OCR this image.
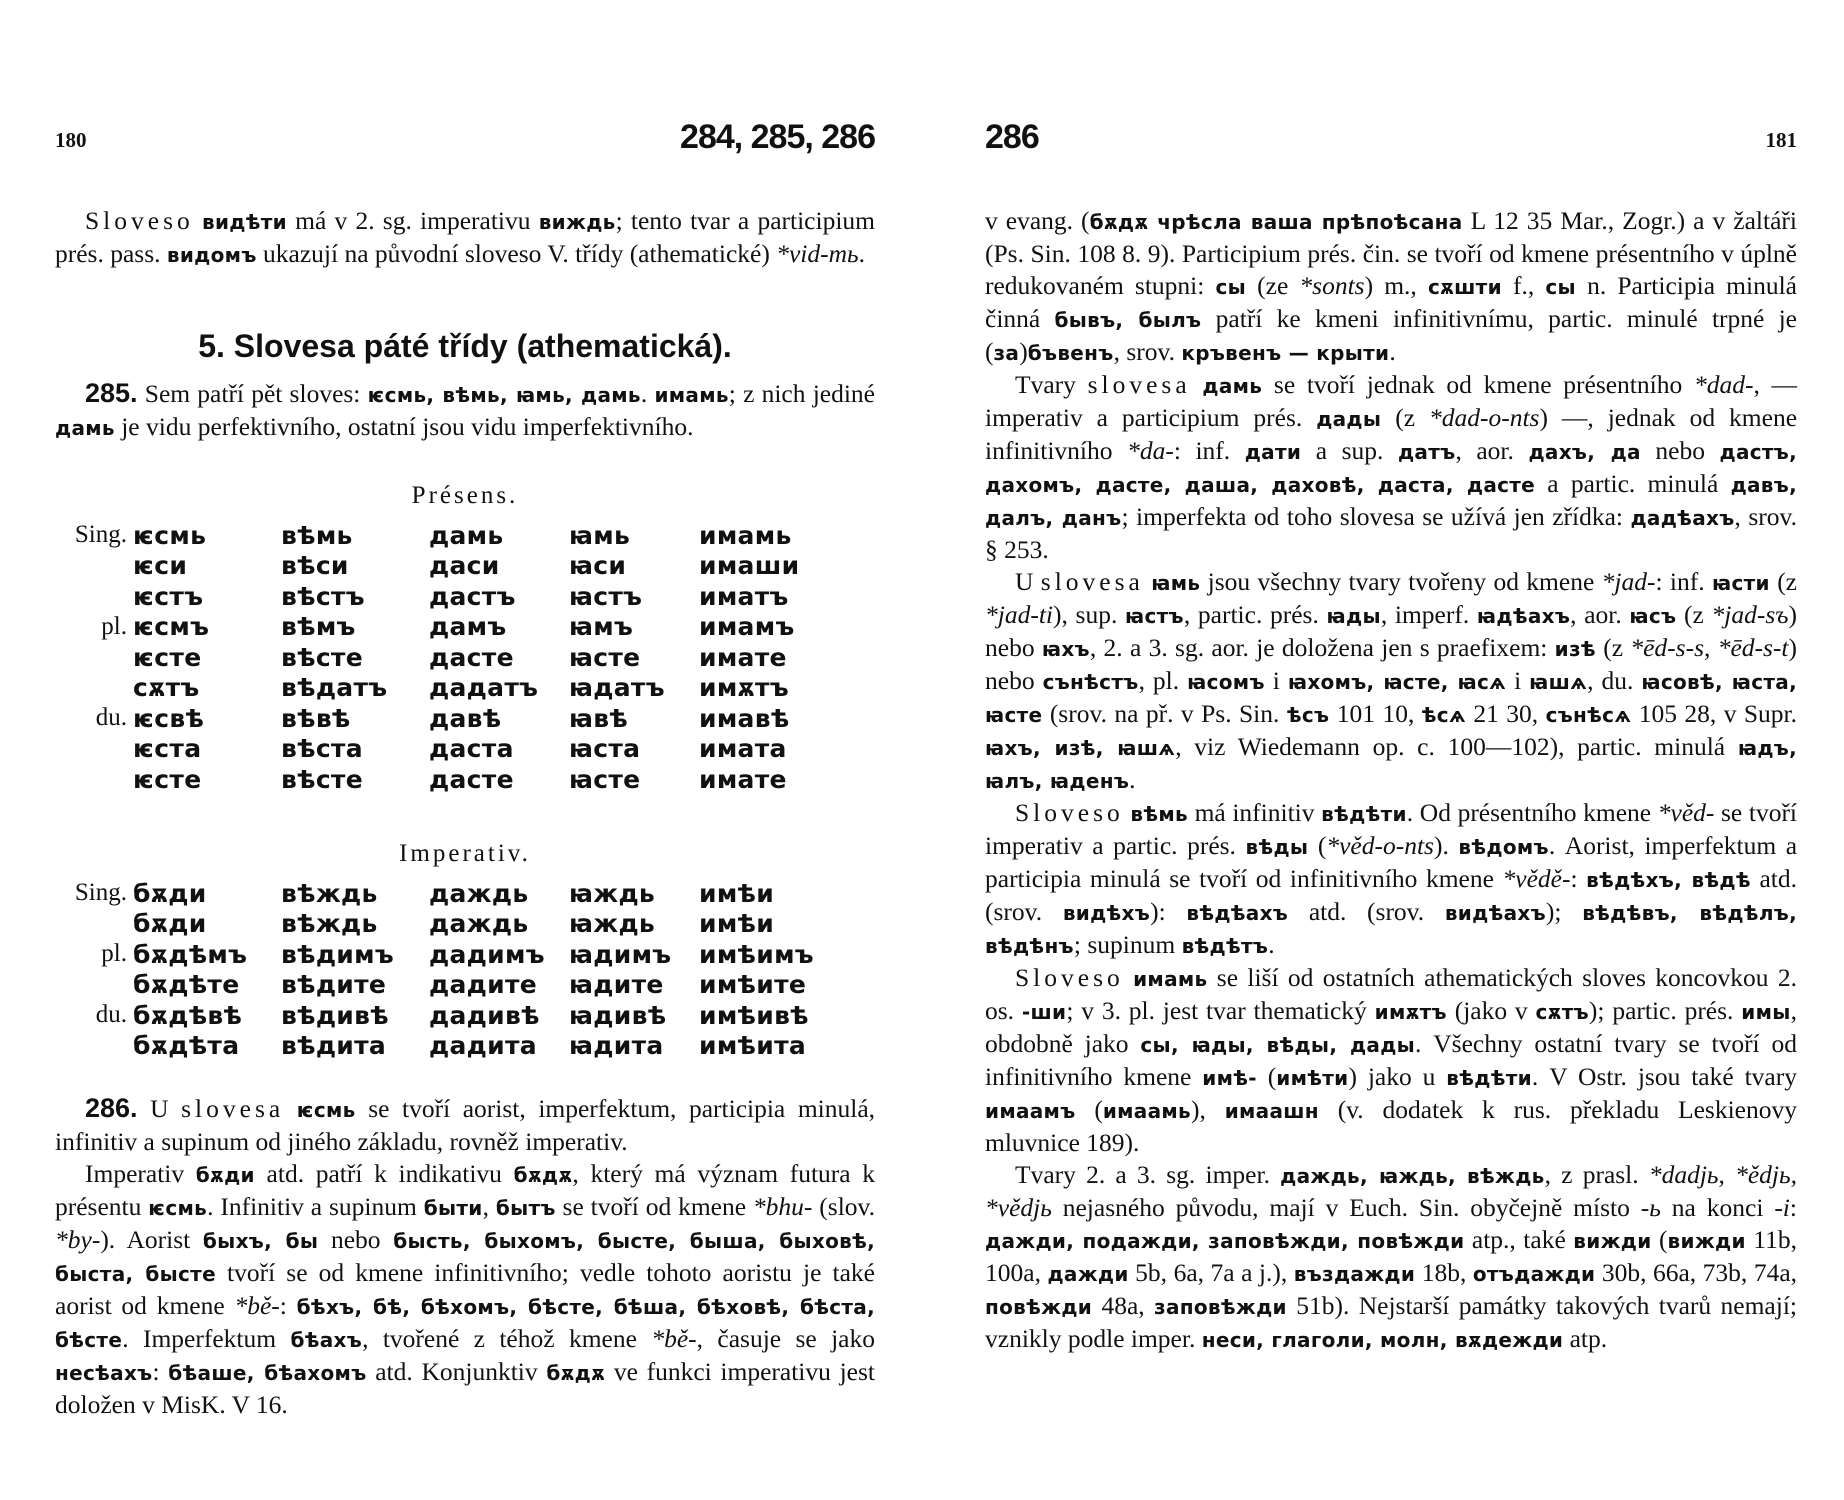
180	284, 285, 286

Sloveso видѣти má v 2. sg. imperativu виждь; tento tvar a participium prés. pass. видомъ ukazují na původní sloveso V. třídy (athematické) *vid-mь.

5. Slovesa páté třídy (athematická).

285. Sem patří pět sloves: ѥсмь, вѣмь, ꙗмь, дамь. имамь; z nich jediné дамь je vidu perfektivního, ostatní jsou vidu imperfektivního.

Présens.
Sing.	ѥсмь	вѣмь	дамь	ꙗмь	имамь
	ѥси	вѣси	даси	ꙗси	имаши
	ѥстъ	вѣстъ	дастъ	ꙗстъ	иматъ
pl.	ѥсмъ	вѣмъ	дамъ	ꙗмъ	имамъ
	ѥсте	вѣсте	дасте	ꙗсте	имате
	сѫтъ	вѣдатъ	дадатъ	ꙗдатъ	имѫтъ
du.	ѥсвѣ	вѣвѣ	давѣ	ꙗвѣ	имавѣ
	ѥста	вѣста	даста	ꙗста	имата
	ѥсте	вѣсте	дасте	ꙗсте	имате
Imperativ.
Sing.	бѫди	вѣждь	даждь	ꙗждь	имѣи
	бѫди	вѣждь	даждь	ꙗждь	имѣи
pl.	бѫдѣмъ	вѣдимъ	дадимъ	ꙗдимъ	имѣимъ
	бѫдѣте	вѣдите	дадите	ꙗдите	имѣите
du.	бѫдѣвѣ	вѣдивѣ	дадивѣ	ꙗдивѣ	имѣивѣ
	бѫдѣта	вѣдита	дадита	ꙗдита	имѣита

286. U slovesa ѥсмь se tvoří aorist, imperfektum, participia minulá, infinitiv a supinum od jiného základu, rovněž imperativ.

Imperativ бѫди atd. patří k indikativu бѫдѫ, který má význam futura k présentu ѥсмь. Infinitiv a supinum быти, бытъ se tvoří od kmene *bhu- (slov. *by-). Aorist быхъ, бы nebo бысть, быхомъ, бысте, быша, быховѣ, быста, бысте tvoří se od kmene infinitivního; vedle tohoto aoristu je také aorist od kmene *bě-: бѣхъ, бѣ, бѣхомъ, бѣсте, бѣша, бѣховѣ, бѣста, бѣсте. Imperfektum бѣахъ, tvořené z téhož kmene *bě-, časuje se jako несѣахъ: бѣаше, бѣахомъ atd. Konjunktiv бѫдѫ ve funkci imperativu jest doložen v MisK. V 16.

286	181

v evang. (бѫдѫ чрѣсла ваша прѣпоѣсана L 12 35 Mar., Zogr.) a v žaltáři (Ps. Sin. 108 8. 9). Participium prés. čin. se tvoří od kmene présentního v úplně redukovaném stupni: сы (ze *sonts) m., сѫшти f., сы n. Participia minulá činná бывъ, былъ patří ke kmeni infinitivnímu, partic. minulé trpné je (за)бъвенъ, srov. кръвенъ — крыти.

Tvary slovesa дамь se tvoří jednak od kmene présentního *dad-, — imperativ a participium prés. дады (z *dad-o-nts) —, jednak od kmene infinitivního *da-: inf. дати a sup. датъ, aor. дахъ, да nebo дастъ, дахомъ, дасте, даша, даховѣ, даста, дасте a partic. minulá давъ, далъ, данъ; imperfekta od toho slovesa se užívá jen zřídka: дадѣахъ, srov. § 253.

U slovesa ꙗмь jsou všechny tvary tvořeny od kmene *jad-: inf. ꙗсти (z *jad-ti), sup. ꙗстъ, partic. prés. ꙗды, imperf. ꙗдѣахъ, aor. ꙗсъ (z *jad-sъ) nebo ꙗхъ, 2. a 3. sg. aor. je doložena jen s praefixem: изѣ (z *ēd-s-s, *ēd-s-t) nebo сънѣстъ, pl. ꙗсомъ i ꙗхомъ, ꙗсте, ꙗсѧ i ꙗшѧ, du. ꙗсовѣ, ꙗста, ꙗсте (srov. na př. v Ps. Sin. ѣсъ 101 10, ѣсѧ 21 30, сънѣсѧ 105 28, v Supr. ꙗхъ, изѣ, ꙗшѧ, viz Wiedemann op. c. 100—102), partic. minulá ꙗдъ, ꙗлъ, ꙗденъ.

Sloveso вѣмь má infinitiv вѣдѣти. Od présentního kmene *věd- se tvoří imperativ a partic. prés. вѣды (*věd-o-nts). вѣдомъ. Aorist, imperfektum a participia minulá se tvoří od infinitivního kmene *vědě-: вѣдѣхъ, вѣдѣ atd. (srov. видѣхъ): вѣдѣахъ atd. (srov. видѣахъ); вѣдѣвъ, вѣдѣлъ, вѣдѣнъ; supinum вѣдѣтъ.

Sloveso имамь se liší od ostatních athematických sloves koncovkou 2. os. -ши; v 3. pl. jest tvar thematický имѫтъ (jako v сѫтъ); partic. prés. имы, obdobně jako сы, ꙗды, вѣды, дады. Všechny ostatní tvary se tvoří od infinitivního kmene имѣ- (имѣти) jako u вѣдѣти. V Ostr. jsou také tvary имаамъ (имаамь), имаашн (v. dodatek k rus. překladu Leskienovy mluvnice 189).

Tvary 2. a 3. sg. imper. даждь, ꙗждь, вѣждь, z prasl. *dadjь, *ědjь, *vědjь nejasného původu, mají v Euch. Sin. obyčejně místo -ь na konci -i: дажди, подажди, заповѣжди, повѣжди atp., také вижди (вижди 11b, 100a, дажди 5b, 6a, 7a a j.), въздажди 18b, отъдажди 30b, 66a, 73b, 74a, повѣжди 48a, заповѣжди 51b). Nejstarší památky takových tvarů nemají; vznikly podle imper. неси, глаголи, молн, вѫдежди atp.
